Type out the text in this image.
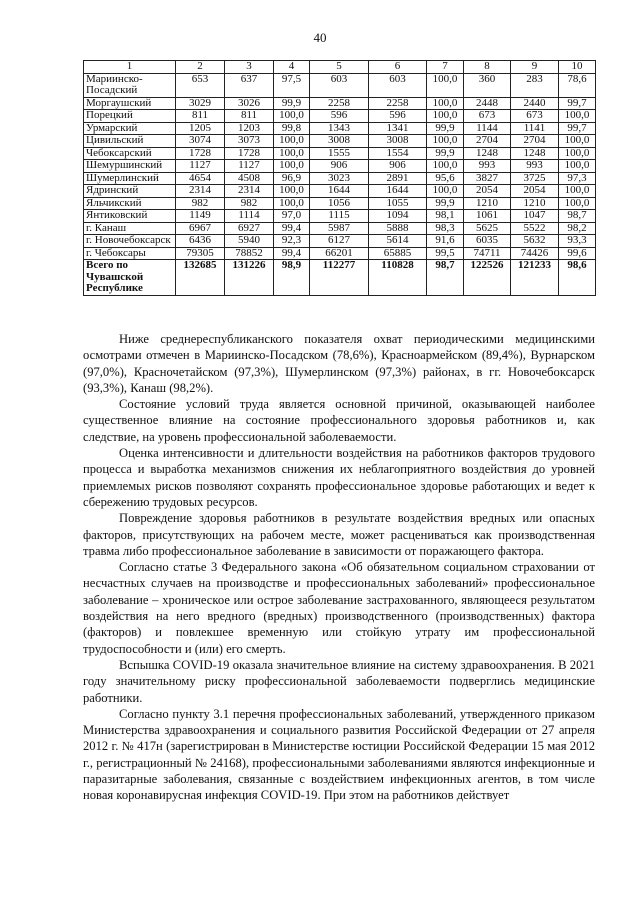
40
1	2	3	4	5	6	7	8	9	10
Мариинско-Посадский	653	637	97,5	603	603	100,0	360	283	78,6
Моргаушский	3029	3026	99,9	2258	2258	100,0	2448	2440	99,7
Порецкий	811	811	100,0	596	596	100,0	673	673	100,0
Урмарский	1205	1203	99,8	1343	1341	99,9	1144	1141	99,7
Цивильский	3074	3073	100,0	3008	3008	100,0	2704	2704	100,0
Чебоксарский	1728	1728	100,0	1555	1554	99,9	1248	1248	100,0
Шемуршинский	1127	1127	100,0	906	906	100,0	993	993	100,0
Шумерлинский	4654	4508	96,9	3023	2891	95,6	3827	3725	97,3
Ядринский	2314	2314	100,0	1644	1644	100,0	2054	2054	100,0
Яльчикский	982	982	100,0	1056	1055	99,9	1210	1210	100,0
Янтиковский	1149	1114	97,0	1115	1094	98,1	1061	1047	98,7
г. Канаш	6967	6927	99,4	5987	5888	98,3	5625	5522	98,2
г. Новочебоксарск	6436	5940	92,3	6127	5614	91,6	6035	5632	93,3
г. Чебоксары	79305	78852	99,4	66201	65885	99,5	74711	74426	99,6
Всего по Чувашской Республике	132685	131226	98,9	112277	110828	98,7	122526	121233	98,6

Ниже среднереспубликанского показателя охват периодическими медицинскими осмотрами отмечен в Мариинско-Посадском (78,6%), Красноармейском (89,4%), Вурнарском (97,0%), Красночетайском (97,3%), Шумерлинском (97,3%) районах, в гг. Новочебоксарск (93,3%), Канаш (98,2%).

Состояние условий труда является основной причиной, оказывающей наиболее существенное влияние на состояние профессионального здоровья работников и, как следствие, на уровень профессиональной заболеваемости.

Оценка интенсивности и длительности воздействия на работников факторов трудового процесса и выработка механизмов снижения их неблагоприятного воздействия до уровней приемлемых рисков позволяют сохранять профессиональное здоровье работающих и ведет к сбережению трудовых ресурсов.

Повреждение здоровья работников в результате воздействия вредных или опасных факторов, присутствующих на рабочем месте, может расцениваться как производственная травма либо профессиональное заболевание в зависимости от поражающего фактора.

Согласно статье 3 Федерального закона «Об обязательном социальном страховании от несчастных случаев на производстве и профессиональных заболеваний» профессиональное заболевание – хроническое или острое заболевание застрахованного, являющееся результатом воздействия на него вредного (вредных) производственного (производственных) фактора (факторов) и повлекшее временную или стойкую утрату им профессиональной трудоспособности и (или) его смерть.

Вспышка COVID-19 оказала значительное влияние на систему здравоохранения. В 2021 году значительному риску профессиональной заболеваемости подверглись медицинские работники.

Согласно пункту 3.1 перечня профессиональных заболеваний, утвержденного приказом Министерства здравоохранения и социального развития Российской Федерации от 27 апреля 2012 г. № 417н (зарегистрирован в Министерстве юстиции Российской Федерации 15 мая 2012 г., регистрационный № 24168), профессиональными заболеваниями являются инфекционные и паразитарные заболевания, связанные с воздействием инфекционных агентов, в том числе новая коронавирусная инфекция COVID-19. При этом на работников действует
